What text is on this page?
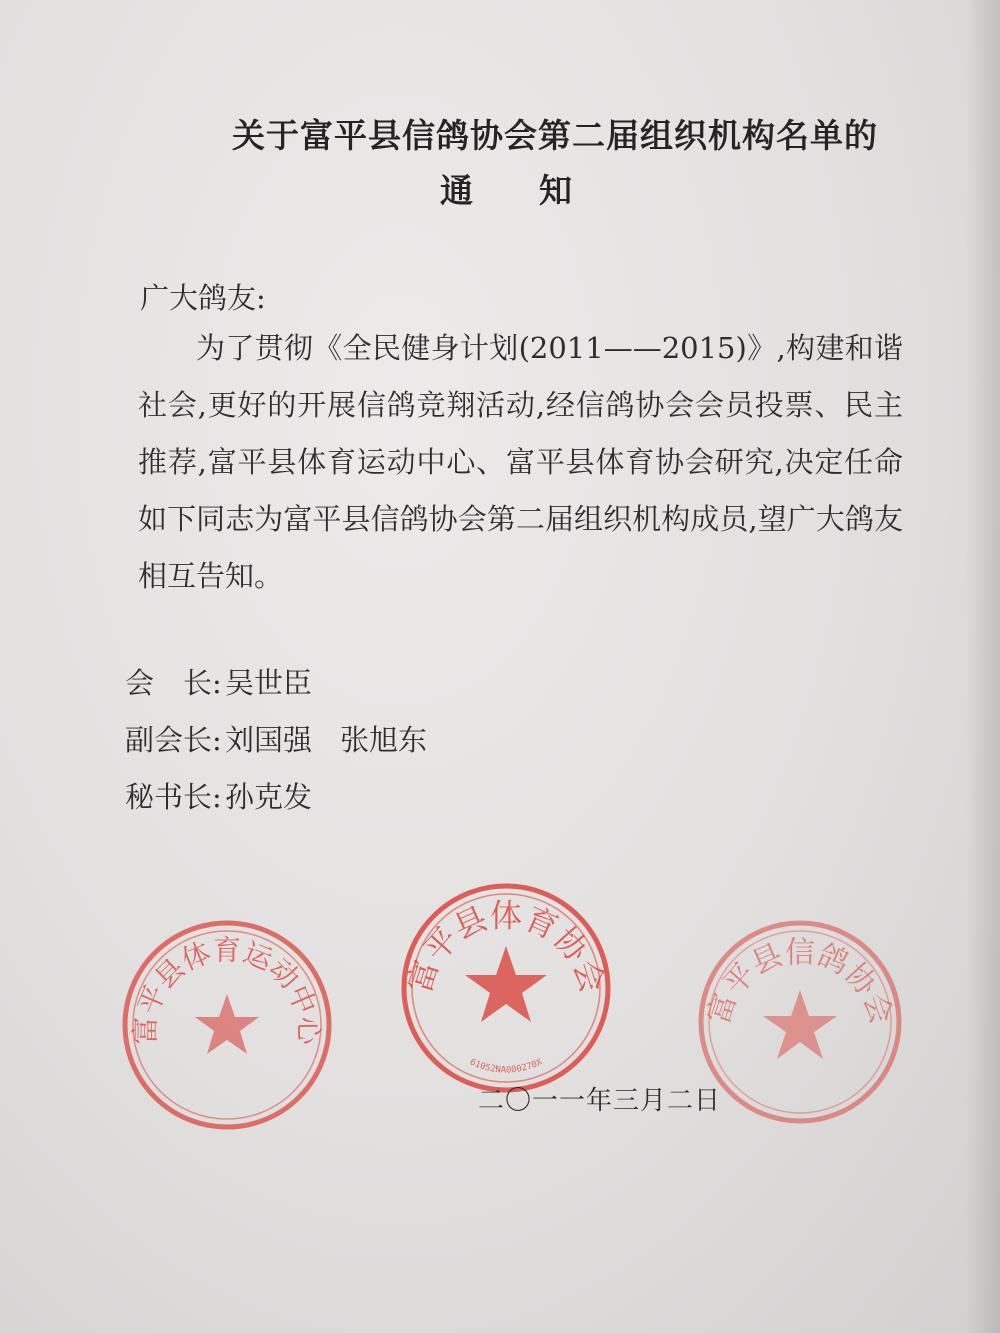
关于富平县信鸽协会第二届组织机构名单的
通知
广大鸽友:
为了贯彻《全民健身计划(2011——2015)》,构建和谐社会,更好的开展信鸽竞翔活动,经信鸽协会会员投票、民主推荐,富平县体育运动中心、富平县体育协会研究,决定任命如下同志为富平县信鸽协会第二届组织机构成员,望广大鸽友相互告知。
会　长: 吴世臣
副会长: 刘国强 张旭东
秘书长: 孙克发
富平县体育运动中心
富平县体育协会
61052NA000270X
富平县信鸽协会
二〇一一年三月二日
